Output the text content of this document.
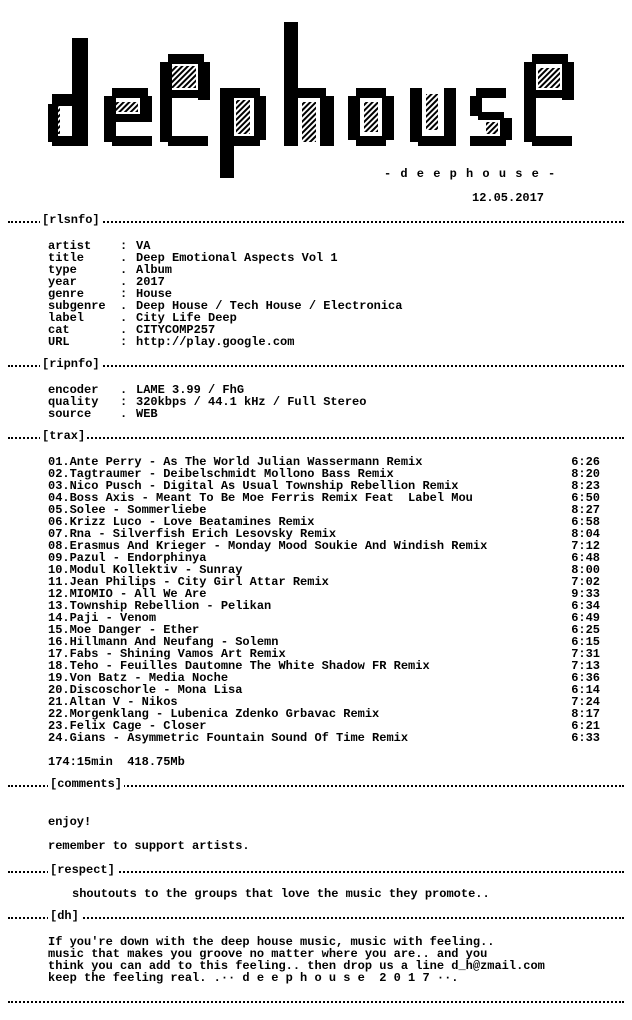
- d e e p h o u s e -
12.05.2017
[rlsnfo]
artist : VA
title	. Deep Emotional Aspects Vol 1
type	. Album
year	. 2017
genre	: House
subgenre . Deep House / Tech House / Electronica
label	. City Life Deep
cat	. CITYCOMP257
URL	: http://play.google.com
[ripnfo]
encoder . LAME 3.99 / FhG
quality : 320kbps / 44.1 kHz / Full Stereo
source . WEB
[trax]
01.Ante Perry - As The World Julian Wassermann Remix	6:26
02.Tagtraumer - Deibelschmidt Mollono Bass Remix	8:20
03.Nico Pusch - Digital As Usual Township Rebellion Remix	8:23
04.Boss Axis - Meant To Be Moe Ferris Remix Feat  Label Mou	6:50
05.Solee - Sommerliebe	8:27
06.Krizz Luco - Love Beatamines Remix	6:58
07.Rna - Silverfish Erich Lesovsky Remix	8:04
08.Erasmus And Krieger - Monday Mood Soukie And Windish Remix	7:12
09.Pazul - Endorphinya	6:48
10.Modul Kollektiv - Sunray	8:00
11.Jean Philips - City Girl Attar Remix	7:02
12.MIOMIO - All We Are	9:33
13.Township Rebellion - Pelikan	6:34
14.Paji - Venom	6:49
15.Moe Danger - Ether	6:25
16.Hillmann And Neufang - Solemn	6:15
17.Fabs - Shining Vamos Art Remix	7:31
18.Teho - Feuilles Dautomne The White Shadow FR Remix	7:13
19.Von Batz - Media Noche	6:36
20.Discoschorle - Mona Lisa	6:14
21.Altan V - Nikos	7:24
22.Morgenklang - Lubenica Zdenko Grbavac Remix	8:17
23.Felix Cage - Closer	6:21
24.Gians - Asymmetric Fountain Sound Of Time Remix	6:33
174:15min  418.75Mb
[comments]
enjoy!
remember to support artists.
[respect]
shoutouts to the groups that love the music they promote..
[dh]
If you're down with the deep house music, music with feeling..
music that makes you groove no matter where you are.. and you
think you can add to this feeling.. then drop us a line d_h@zmail.com
keep the feeling real. .·· d e e p h o u s e  2 0 1 7 ··.
